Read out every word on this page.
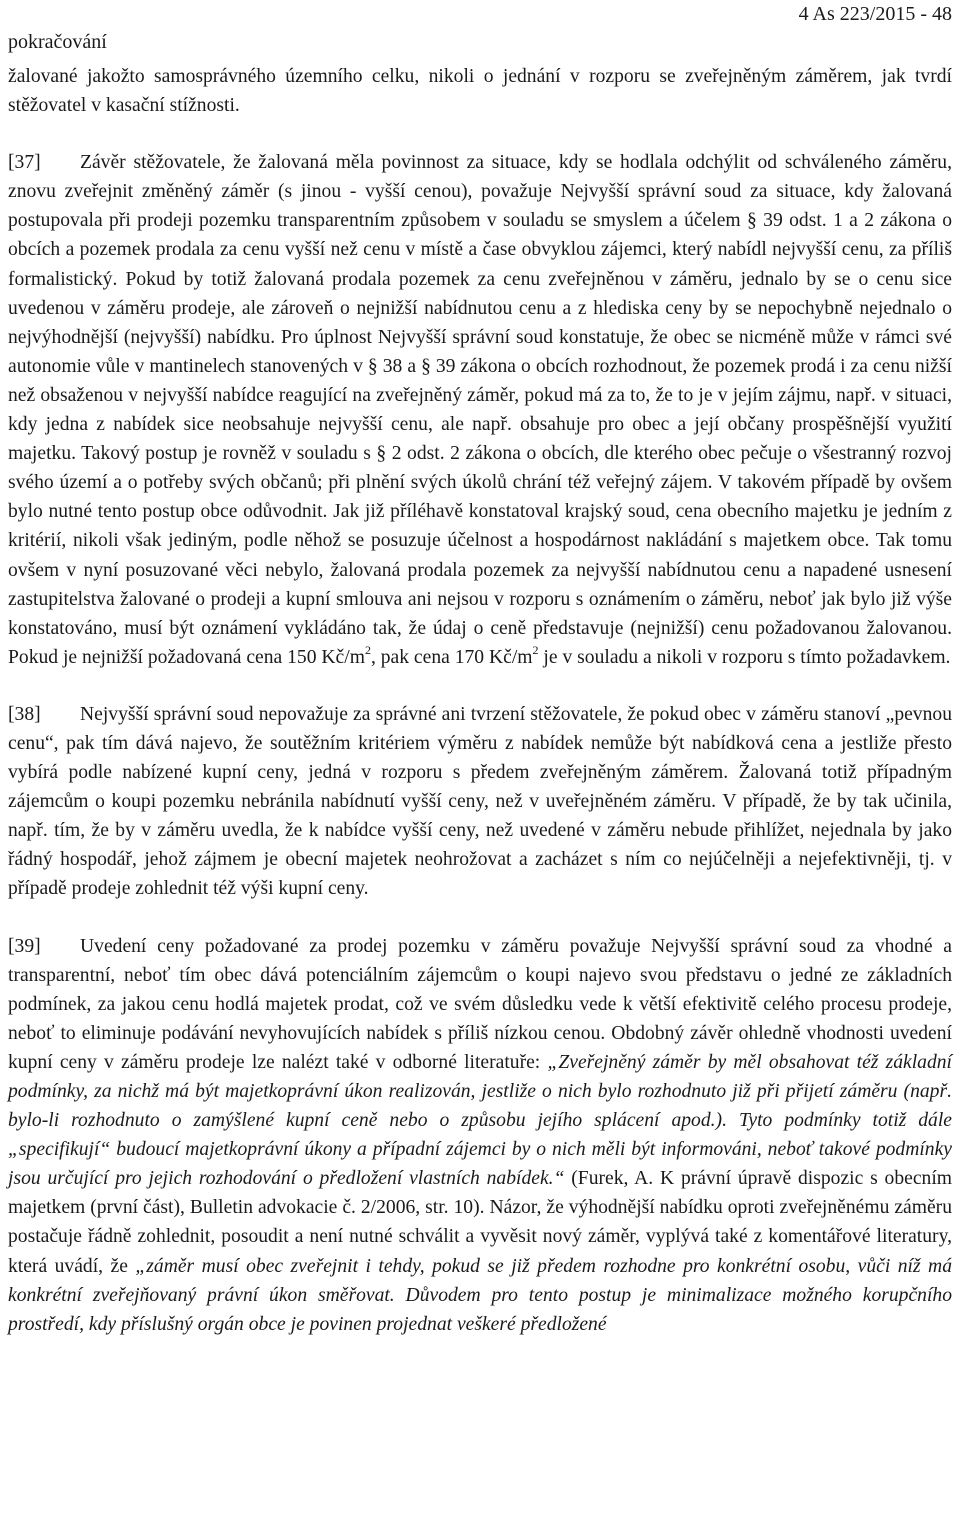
pokračování
4 As 223/2015 - 48

žalované jakožto samosprávného územního celku, nikoli o jednání v rozporu se zveřejněným záměrem, jak tvrdí stěžovatel v kasační stížnosti.

[37] Závěr stěžovatele, že žalovaná měla povinnost za situace, kdy se hodlala odchýlit od schváleného záměru, znovu zveřejnit změněný záměr (s jinou - vyšší cenou), považuje Nejvyšší správní soud za situace, kdy žalovaná postupovala při prodeji pozemku transparentním způsobem v souladu se smyslem a účelem § 39 odst. 1 a 2 zákona o obcích a pozemek prodala za cenu vyšší než cenu v místě a čase obvyklou zájemci, který nabídl nejvyšší cenu, za příliš formalistický. Pokud by totiž žalovaná prodala pozemek za cenu zveřejněnou v záměru, jednalo by se o cenu sice uvedenou v záměru prodeje, ale zároveň o nejnižší nabídnutou cenu a z hlediska ceny by se nepochybně nejednalo o nejvýhodnější (nejvyšší) nabídku. Pro úplnost Nejvyšší správní soud konstatuje, že obec se nicméně může v rámci své autonomie vůle v mantinelech stanovených v § 38 a § 39 zákona o obcích rozhodnout, že pozemek prodá i za cenu nižší než obsaženou v nejvyšší nabídce reagující na zveřejněný záměr, pokud má za to, že to je v jejím zájmu, např. v situaci, kdy jedna z nabídek sice neobsahuje nejvyšší cenu, ale např. obsahuje pro obec a její občany prospěšnější využití majetku. Takový postup je rovněž v souladu s § 2 odst. 2 zákona o obcích, dle kterého obec pečuje o všestranný rozvoj svého území a o potřeby svých občanů; při plnění svých úkolů chrání též veřejný zájem. V takovém případě by ovšem bylo nutné tento postup obce odůvodnit. Jak již příléhavě konstatoval krajský soud, cena obecního majetku je jedním z kritérií, nikoli však jediným, podle něhož se posuzuje účelnost a hospodárnost nakládání s majetkem obce. Tak tomu ovšem v nyní posuzované věci nebylo, žalovaná prodala pozemek za nejvyšší nabídnutou cenu a napadené usnesení zastupitelstva žalované o prodeji a kupní smlouva ani nejsou v rozporu s oznámením o záměru, neboť jak bylo již výše konstatováno, musí být oznámení vykládáno tak, že údaj o ceně představuje (nejnižší) cenu požadovanou žalovanou. Pokud je nejnižší požadovaná cena 150 $Kč/m^2$, pak cena 170 $Kč/m^2$ je v souladu a nikoli v rozporu s tímto požadavkem.

[38] Nejvyšší správní soud nepovažuje za správné ani tvrzení stěžovatele, že pokud obec v záměru stanoví „pevnou cenu“, pak tím dává najevo, že soutěžním kritériem výměru z nabídek nemůže být nabídková cena a jestliže přesto vybírá podle nabízené kupní ceny, jedná v rozporu s předem zveřejněným záměrem. Žalovaná totiž případným zájemcům o koupi pozemku nebránila nabídnutí vyšší ceny, než v uveřejněném záměru. V případě, že by tak učinila, např. tím, že by v záměru uvedla, že k nabídce vyšší ceny, než uvedené v záměru nebude přihlížet, nejednala by jako řádný hospodář, jehož zájmem je obecní majetek neohrožovat a zacházet s ním co nejúčelněji a nejefektivněji, tj. v případě prodeje zohlednit též výši kupní ceny.

[39] Uvedení ceny požadované za prodej pozemku v záměru považuje Nejvyšší správní soud za vhodné a transparentní, neboť tím obec dává potenciálním zájemcům o koupi najevo svou představu o jedné ze základních podmínek, za jakou cenu hodlá majetek prodat, což ve svém důsledku vede k větší efektivitě celého procesu prodeje, neboť to eliminuje podávání nevyhovujících nabídek s příliš nízkou cenou. Obdobný závěr ohledně vhodnosti uvedení kupní ceny v záměru prodeje lze nalézt také v odborné literatuře: „Zveřejněný záměr by měl obsahovat též základní podmínky, za nichž má být majetkoprávní úkon realizován, jestliže o nich bylo rozhodnuto již při přijetí záměru (např. bylo-li rozhodnuto o zamýšlené kupní ceně nebo o způsobu jejího splácení apod.). Tyto podmínky totiž dále „specifikují“ budoucí majetkoprávní úkony a případní zájemci by o nich měli být informováni, neboť takové podmínky jsou určující pro jejich rozhodování o předložení vlastních nabídek.“ (Furek, A. K právní úpravě dispozic s obecním majetkem (první část), Bulletin advokacie č. 2/2006, str. 10). Názor, že výhodnější nabídku oproti zveřejněnému záměru postačuje řádně zohlednit, posoudit a není nutné schválit a vyvěsit nový záměr, vyplývá také z komentářové literatury, která uvádí, že „záměr musí obec zveřejnit i tehdy, pokud se již předem rozhodne pro konkrétní osobu, vůči níž má konkrétní zveřejňovaný právní úkon směřovat. Důvodem pro tento postup je minimalizace možného korupčního prostředí, kdy příslušný orgán obce je povinen projednat veškeré předložené
